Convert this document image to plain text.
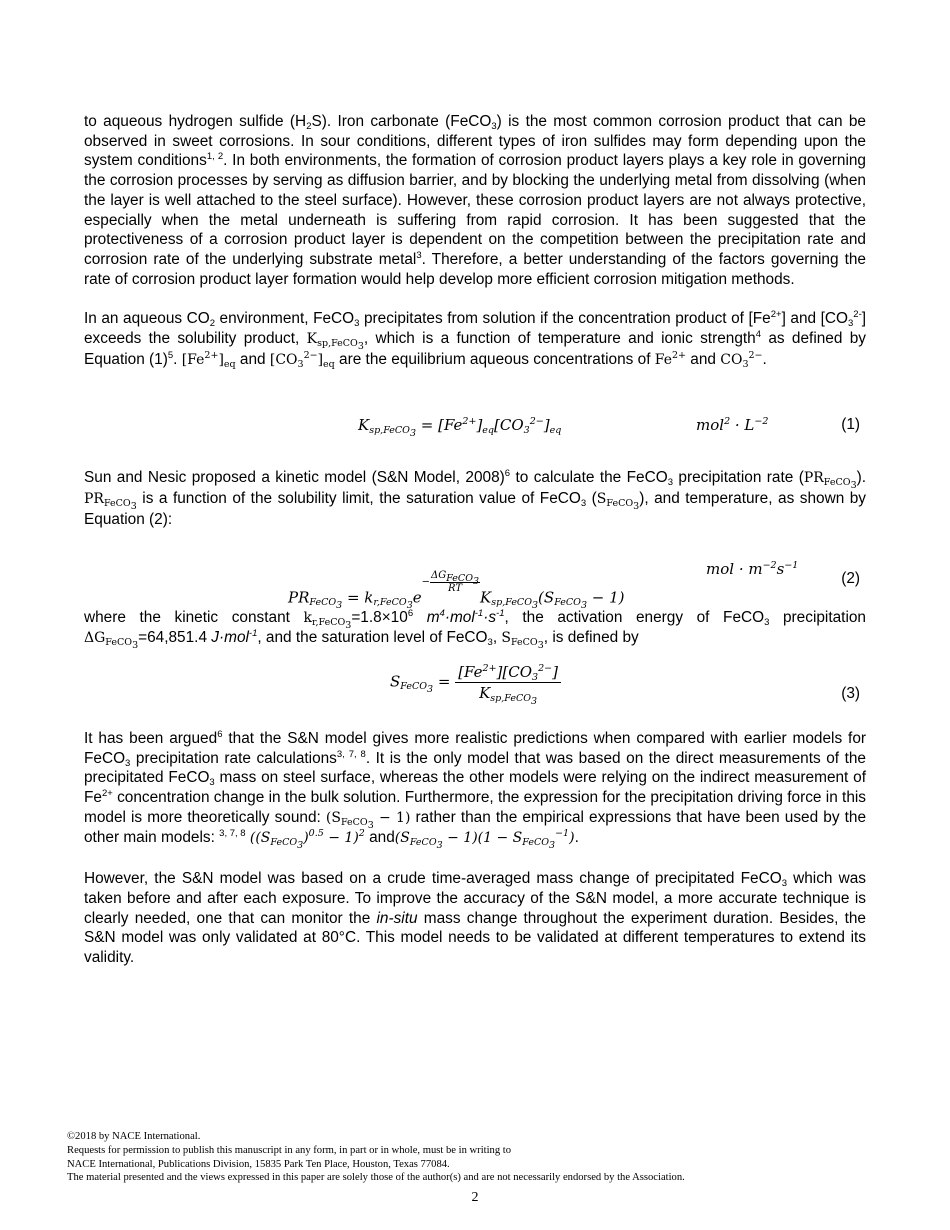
to aqueous hydrogen sulfide $(H_2S)$. Iron carbonate (FeCO$_3$) is the most common corrosion product that can be observed in sweet corrosions. In sour conditions, different types of iron sulfides may form depending upon the system conditions$^{1, 2}$. In both environments, the formation of corrosion product layers plays a key role in governing the corrosion processes by serving as diffusion barrier, and by blocking the underlying metal from dissolving (when the layer is well attached to the steel surface). However, these corrosion product layers are not always protective, especially when the metal underneath is suffering from rapid corrosion. It has been suggested that the protectiveness of a corrosion product layer is dependent on the competition between the precipitation rate and corrosion rate of the underlying substrate metal$^3$. Therefore, a better understanding of the factors governing the rate of corrosion product layer formation would help develop more efficient corrosion mitigation methods.

In an aqueous $CO_2$ environment, FeCO$_3$ precipitates from solution if the concentration product of $[Fe^{2+}]$ and $[CO_3^{2-}]$ exceeds the solubility product, $K_{sp,FeCO_3}$, which is a function of temperature and ionic strength$^4$ as defined by Equation $(1)^5$. $[Fe^{2+}]_{eq}$ and $[CO_3^{2-}]_{eq}$ are the equilibrium aqueous concentrations of $Fe^{2+}$ and $CO_3^{2-}$.

$K_{sp,FeCO_3} = [Fe^{2+}]_{eq}[CO_3^{2-}]_{eq}$	$mol^2 \cdot L^{-2}$	(1)

Sun and Nesic proposed a kinetic model (S&N Model, 2008)$^6$ to calculate the FeCO$_3$ precipitation rate $(PR_{FeCO_3})$. $PR_{FeCO_3}$ is a function of the solubility limit, the saturation value of FeCO$_3$ $(S_{FeCO_3})$, and temperature, as shown by Equation (2):

$PR_{FeCO_3} = k_{r,FeCO_3}e-$
$\Delta G_{FeCO_3}$
RT	$K_{sp,FeCO_3}(S_{FeCO_3} - 1)$
mol · $m^{-2}s^{-1}$
(2)

where the kinetic constant $k_{r,FeCO_3}=1.8\times 10^6$ $m^4\cdot mol^{-1}\cdot s^{-1}$, the activation energy of FeCO$_3$ precipitation $\Delta G_{FeCO_3}=64,851.4$ J·mol$^{-1}$, and the saturation level of FeCO$_3$, $S_{FeCO_3}$, is defined by

$S_{FeCO_3} = \frac{[Fe^{2+}][CO_3^{2-}]}{K_{sp,FeCO_3}}$	(3)

It has been argued$^6$ that the S&N model gives more realistic predictions when compared with earlier models for FeCO$_3$ precipitation rate calculations$^{3, 7, 8}$. It is the only model that was based on the direct measurements of the precipitated FeCO$_3$ mass on steel surface, whereas the other models were relying on the indirect measurement of $Fe^{2+}$ concentration change in the bulk solution. Furthermore, the expression for the precipitation driving force in this model is more theoretically sound: $(S_{FeCO_3} - 1)$ rather than the empirical expressions that have been used by the other main models: $^{3, 7, 8}$ $((S_{FeCO_3})^{0.5} - 1)^2$ $and(S_{FeCO_3} - 1)(1 - S_{FeCO_3}^{-1})$.

However, the S&N model was based on a crude time-averaged mass change of precipitated FeCO$_3$ which was taken before and after each exposure. To improve the accuracy of the S&N model, a more accurate technique is clearly needed, one that can monitor the in-situ mass change throughout the experiment duration. Besides, the S&N model was only validated at 80°C. This model needs to be validated at different temperatures to extend its validity.

©2018 by NACE International.
Requests for permission to publish this manuscript in any form, in part or in whole, must be in writing to
NACE International, Publications Division, 15835 Park Ten Place, Houston, Texas 77084.
The material presented and the views expressed in this paper are solely those of the author(s) and are not necessarily endorsed by the Association.
2
